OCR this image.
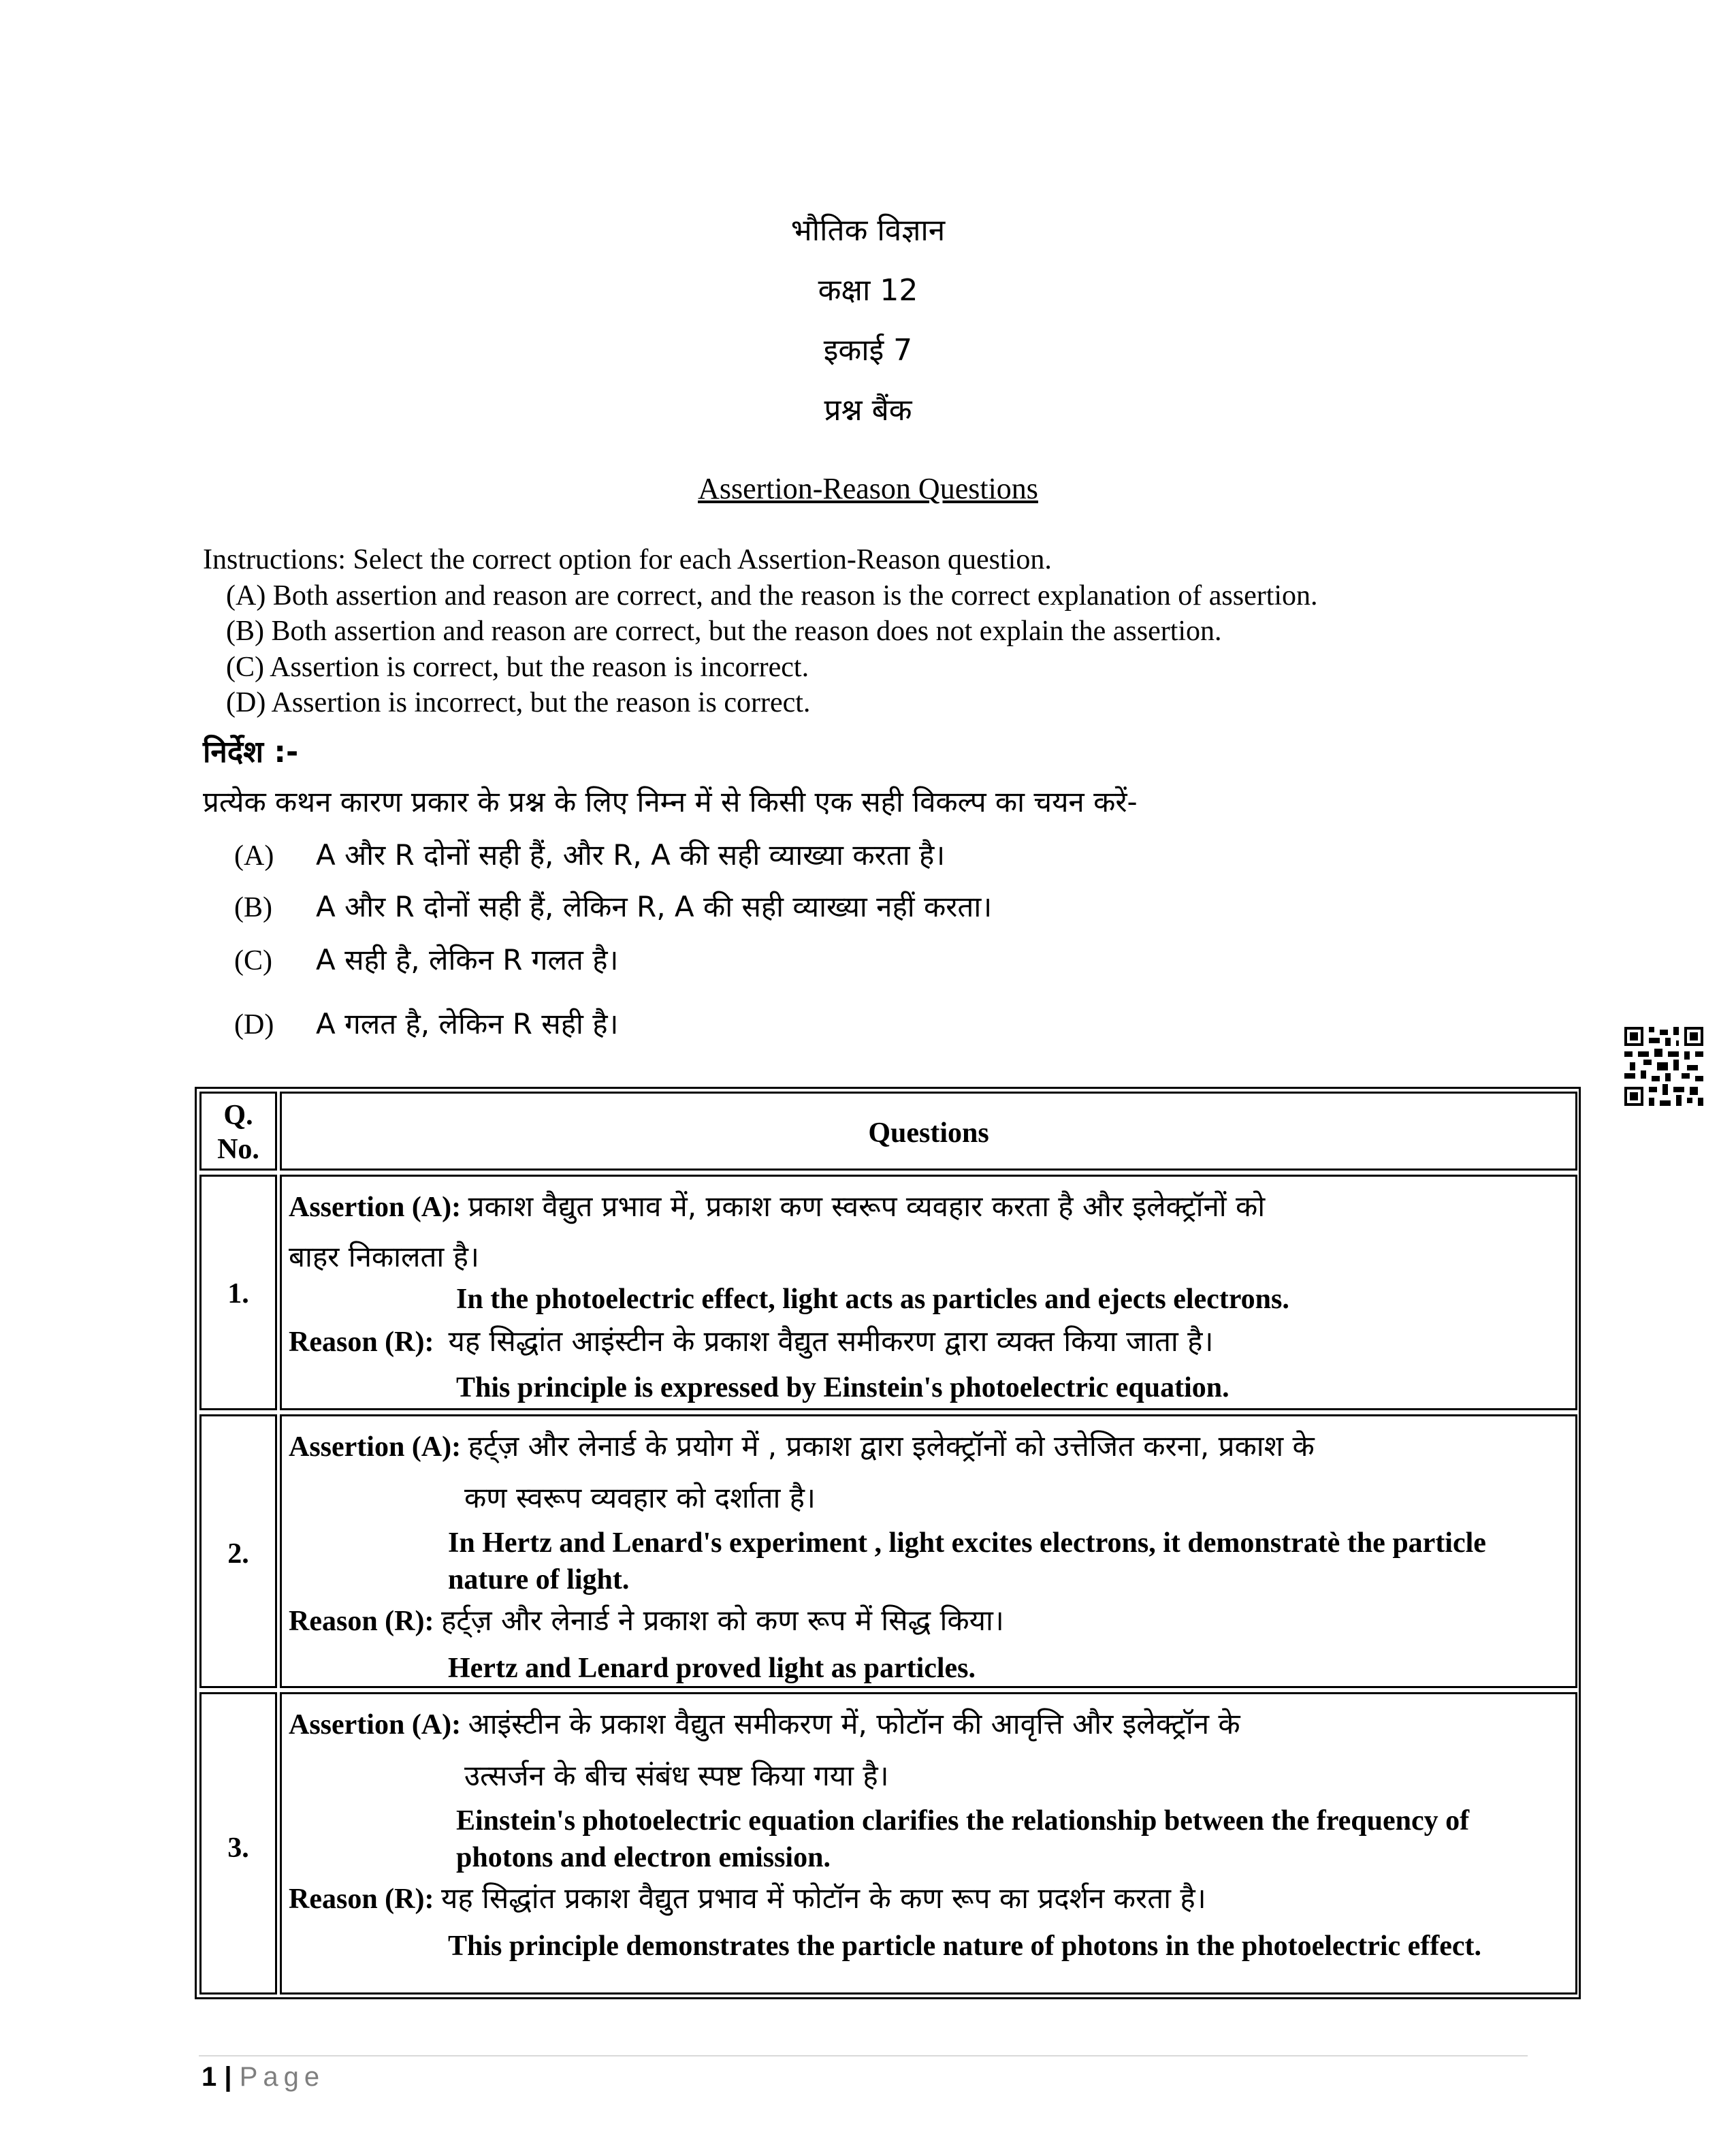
भौतिक विज्ञान
कक्षा 12
इकाई 7
प्रश्न बैंक
Assertion-Reason Questions
Instructions: Select the correct option for each Assertion-Reason question.
(A) Both assertion and reason are correct, and the reason is the correct explanation of assertion.
(B) Both assertion and reason are correct, but the reason does not explain the assertion.
(C) Assertion is correct, but the reason is incorrect.
(D) Assertion is incorrect, but the reason is correct.
निर्देश :-
प्रत्येक कथन कारण प्रकार के प्रश्न के लिए निम्न में से किसी एक सही विकल्प का चयन करें-
(A) A और R दोनों सही हैं, और R, A की सही व्याख्या करता है।
(B) A और R दोनों सही हैं, लेकिन R, A की सही व्याख्या नहीं करता।
(C) A सही है, लेकिन R गलत है।
(D) A गलत है, लेकिन R सही है।
Q.
No.
Questions
1.
Assertion (A): प्रकाश वैद्युत प्रभाव में, प्रकाश कण स्वरूप व्यवहार करता है और इलेक्ट्रॉनों को
बाहर निकालता है।
In the photoelectric effect, light acts as particles and ejects electrons.
Reason (R): यह सिद्धांत आइंस्टीन के प्रकाश वैद्युत समीकरण द्वारा व्यक्त किया जाता है।
This principle is expressed by Einstein's photoelectric equation.
2.
Assertion (A): हर्ट्ज़ और लेनार्ड के प्रयोग में , प्रकाश द्वारा इलेक्ट्रॉनों को उत्तेजित करना, प्रकाश के
कण स्वरूप व्यवहार को दर्शाता है।
In Hertz and Lenard's experiment , light excites electrons, it demonstratè the particle
nature of light.
Reason (R): हर्ट्ज़ और लेनार्ड ने प्रकाश को कण रूप में सिद्ध किया।
Hertz and Lenard proved light as particles.
3.
Assertion (A): आइंस्टीन के प्रकाश वैद्युत समीकरण में, फोटॉन की आवृत्ति और इलेक्ट्रॉन के
उत्सर्जन के बीच संबंध स्पष्ट किया गया है।
Einstein's photoelectric equation clarifies the relationship between the frequency of
photons and electron emission.
Reason (R): यह सिद्धांत प्रकाश वैद्युत प्रभाव में फोटॉन के कण रूप का प्रदर्शन करता है।
This principle demonstrates the particle nature of photons in the photoelectric effect.
1 | Page
